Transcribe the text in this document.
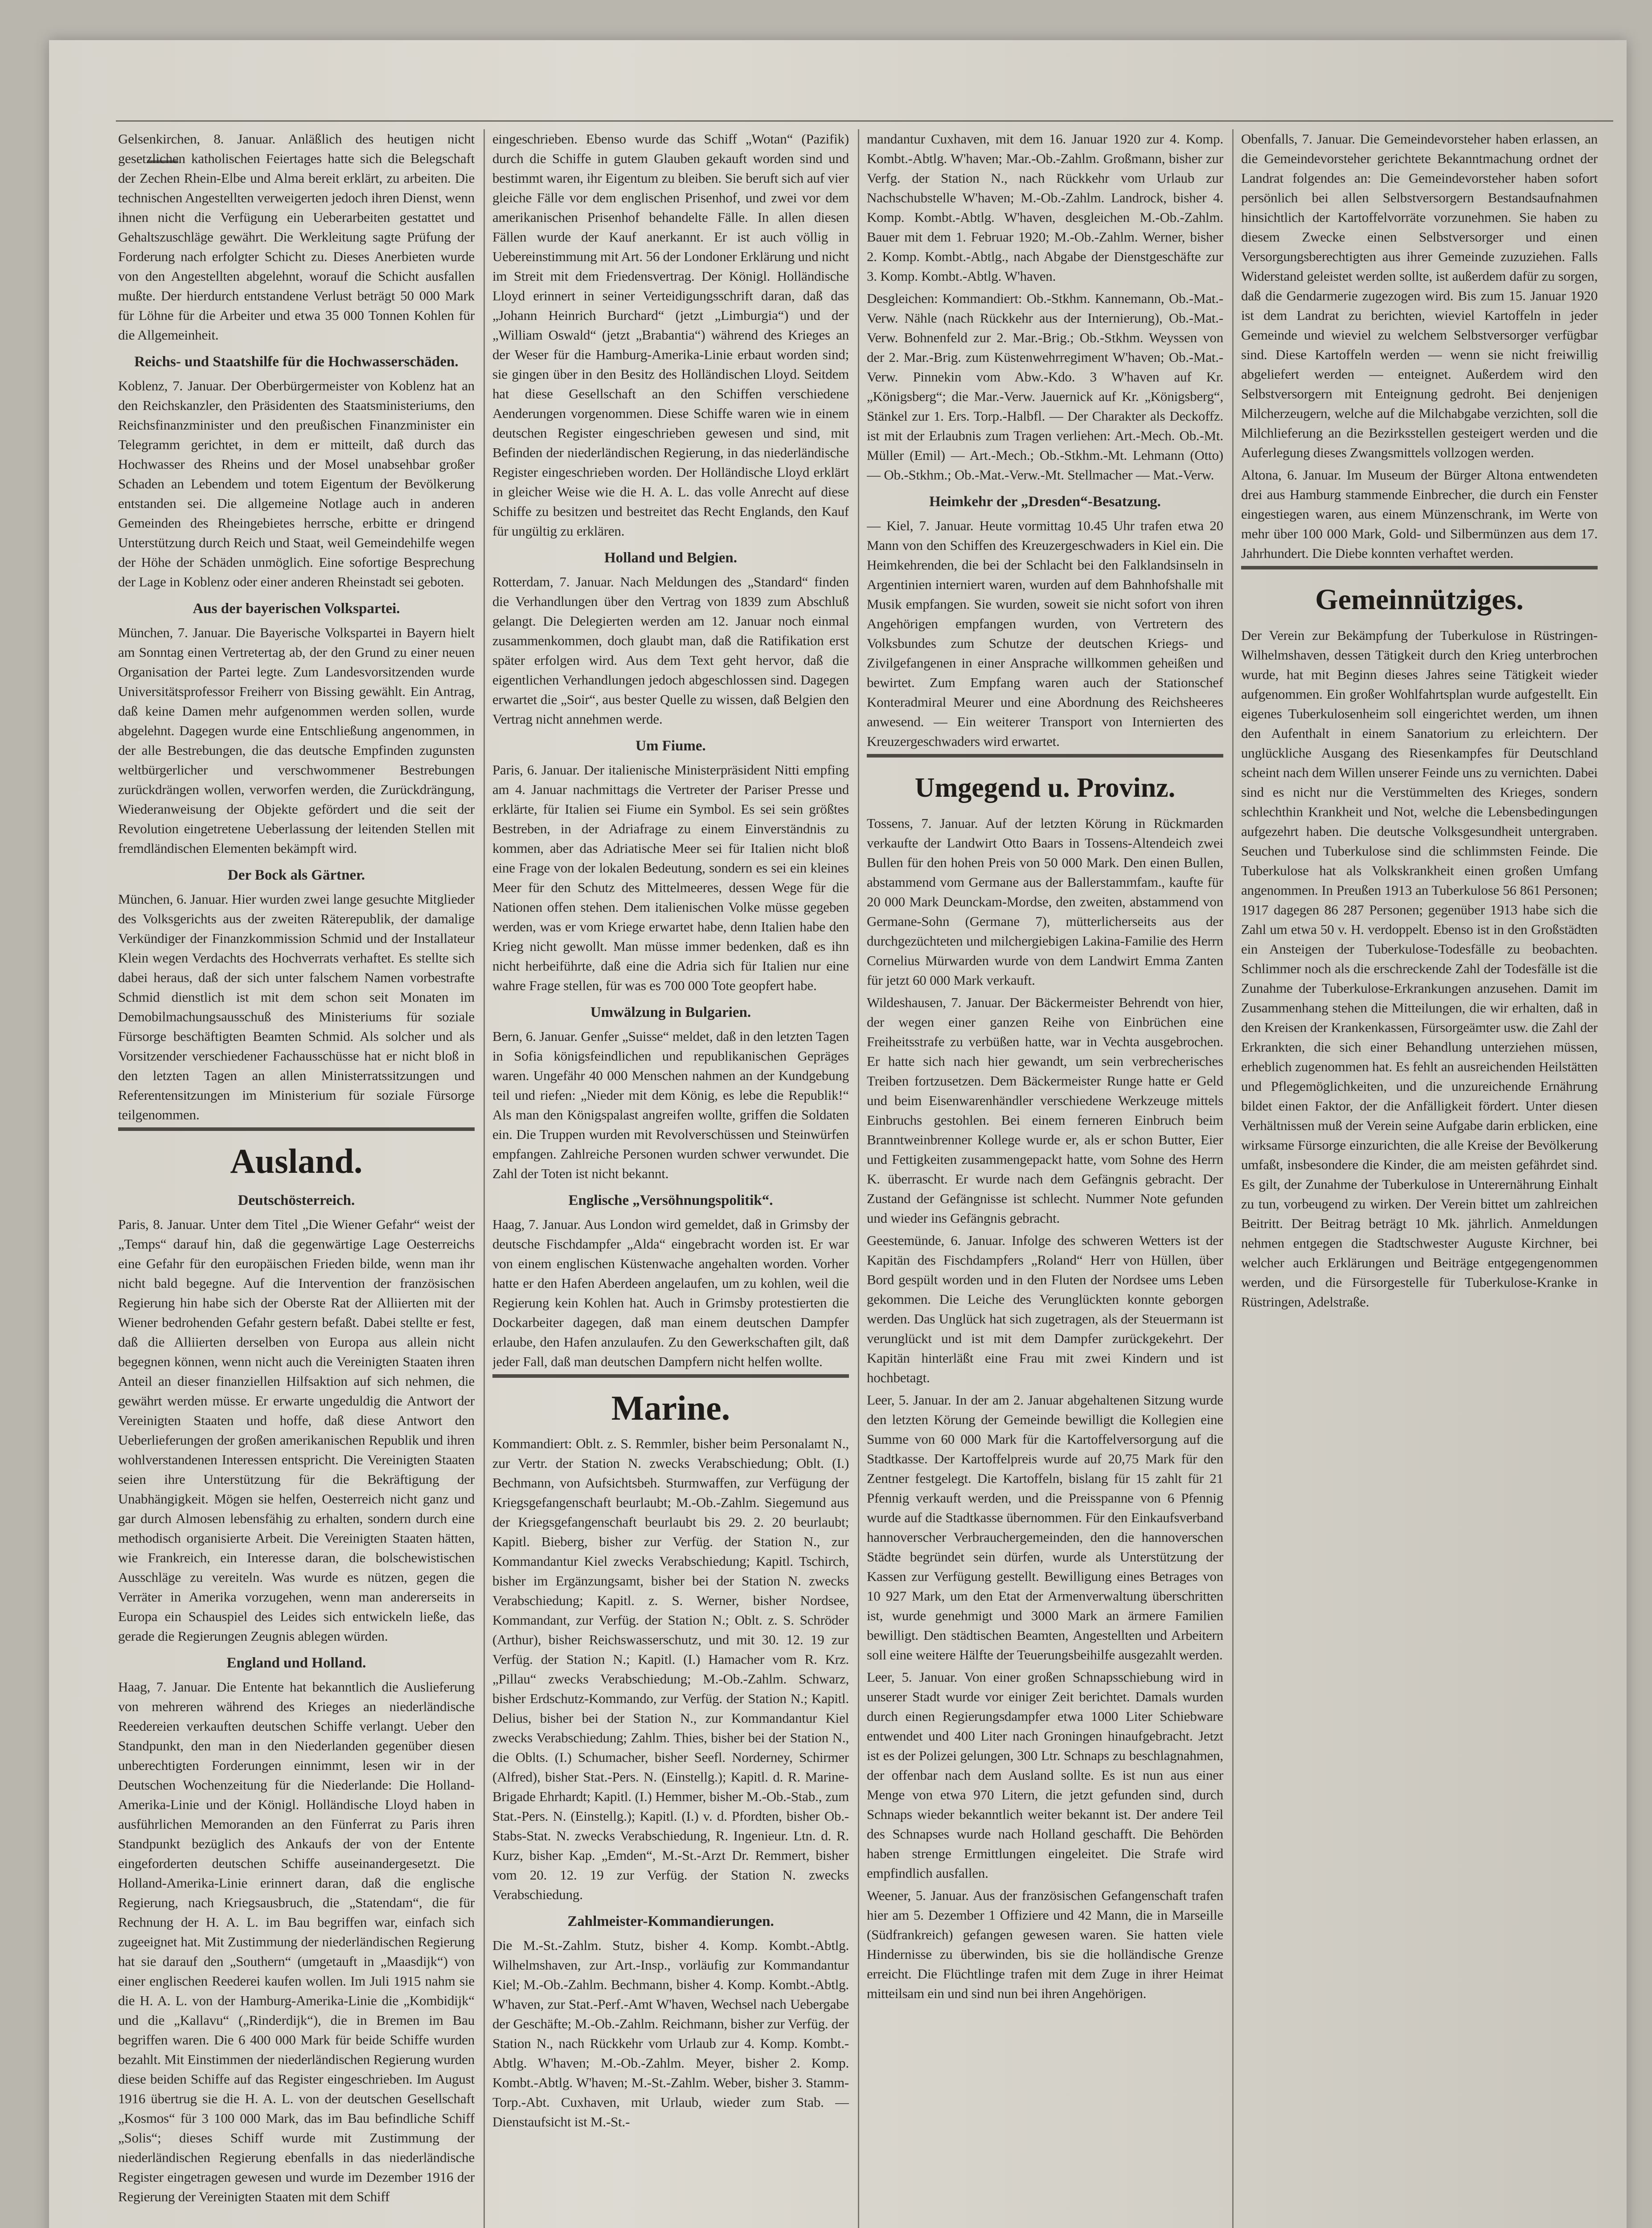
Gelsenkirchen, 8. Januar. Anläßlich des heutigen nicht gesetzlichen katholischen Feiertages hatte sich die Belegschaft der Zechen Rhein-Elbe und Alma bereit erklärt, zu arbeiten. Die technischen Angestellten verweigerten jedoch ihren Dienst, wenn ihnen nicht die Verfügung ein Ueberarbeiten gestattet und Gehaltszuschläge gewährt. Die Werkleitung sagte Prüfung der Forderung nach erfolgter Schicht zu. Dieses Anerbieten wurde von den Angestellten abgelehnt, worauf die Schicht ausfallen mußte. Der hierdurch entstandene Verlust beträgt 50 000 Mark für Löhne für die Arbeiter und etwa 35 000 Tonnen Kohlen für die Allgemeinheit.

Reichs- und Staatshilfe für die Hochwasserschäden.

Koblenz, 7. Januar. Der Oberbürgermeister von Koblenz hat an den Reichskanzler, den Präsidenten des Staatsministeriums, den Reichsfinanzminister und den preußischen Finanzminister ein Telegramm gerichtet, in dem er mitteilt, daß durch das Hochwasser des Rheins und der Mosel unabsehbar großer Schaden an Lebendem und totem Eigentum der Bevölkerung entstanden sei. Die allgemeine Notlage auch in anderen Gemeinden des Rheingebietes herrsche, erbitte er dringend Unterstützung durch Reich und Staat, weil Gemeindehilfe wegen der Höhe der Schäden unmöglich. Eine sofortige Besprechung der Lage in Koblenz oder einer anderen Rheinstadt sei geboten.

Aus der bayerischen Volkspartei.

München, 7. Januar. Die Bayerische Volkspartei in Bayern hielt am Sonntag einen Vertretertag ab, der den Grund zu einer neuen Organisation der Partei legte. Zum Landesvorsitzenden wurde Universitätsprofessor Freiherr von Bissing gewählt. Ein Antrag, daß keine Damen mehr aufgenommen werden sollen, wurde abgelehnt. Dagegen wurde eine Entschließung angenommen, in der alle Bestrebungen, die das deutsche Empfinden zugunsten weltbürgerlicher und verschwommener Bestrebungen zurückdrängen wollen, verworfen werden, die Zurückdrängung, Wiederanweisung der Objekte gefördert und die seit der Revolution eingetretene Ueberlassung der leitenden Stellen mit fremdländischen Elementen bekämpft wird.

Der Bock als Gärtner.

München, 6. Januar. Hier wurden zwei lange gesuchte Mitglieder des Volksgerichts aus der zweiten Räterepublik, der damalige Verkündiger der Finanzkommission Schmid und der Installateur Klein wegen Verdachts des Hochverrats verhaftet. Es stellte sich dabei heraus, daß der sich unter falschem Namen vorbestrafte Schmid dienstlich ist mit dem schon seit Monaten im Demobilmachungsausschuß des Ministeriums für soziale Fürsorge beschäftigten Beamten Schmid. Als solcher und als Vorsitzender verschiedener Fachausschüsse hat er nicht bloß in den letzten Tagen an allen Ministerratssitzungen und Referentensitzungen im Ministerium für soziale Fürsorge teilgenommen.

Ausland.
Deutschösterreich.

Paris, 8. Januar. Unter dem Titel „Die Wiener Gefahr“ weist der „Temps“ darauf hin, daß die gegenwärtige Lage Oesterreichs eine Gefahr für den europäischen Frieden bilde, wenn man ihr nicht bald begegne. Auf die Intervention der französischen Regierung hin habe sich der Oberste Rat der Alliierten mit der Wiener bedrohenden Gefahr gestern befaßt. Dabei stellte er fest, daß die Alliierten derselben von Europa aus allein nicht begegnen können, wenn nicht auch die Vereinigten Staaten ihren Anteil an dieser finanziellen Hilfsaktion auf sich nehmen, die gewährt werden müsse. Er erwarte ungeduldig die Antwort der Vereinigten Staaten und hoffe, daß diese Antwort den Ueberlieferungen der großen amerikanischen Republik und ihren wohlverstandenen Interessen entspricht. Die Vereinigten Staaten seien ihre Unterstützung für die Bekräftigung der Unabhängigkeit. Mögen sie helfen, Oesterreich nicht ganz und gar durch Almosen lebensfähig zu erhalten, sondern durch eine methodisch organisierte Arbeit. Die Vereinigten Staaten hätten, wie Frankreich, ein Interesse daran, die bolschewistischen Ausschläge zu vereiteln. Was wurde es nützen, gegen die Verräter in Amerika vorzugehen, wenn man andererseits in Europa ein Schauspiel des Leides sich entwickeln ließe, das gerade die Regierungen Zeugnis ablegen würden.

England und Holland.

Haag, 7. Januar. Die Entente hat bekanntlich die Auslieferung von mehreren während des Krieges an niederländische Reedereien verkauften deutschen Schiffe verlangt. Ueber den Standpunkt, den man in den Niederlanden gegenüber diesen unberechtigten Forderungen einnimmt, lesen wir in der Deutschen Wochenzeitung für die Niederlande: Die Holland-Amerika-Linie und der Königl. Holländische Lloyd haben in ausführlichen Memoranden an den Fünferrat zu Paris ihren Standpunkt bezüglich des Ankaufs der von der Entente eingeforderten deutschen Schiffe auseinandergesetzt. Die Holland-Amerika-Linie erinnert daran, daß die englische Regierung, nach Kriegsausbruch, die „Statendam“, die für Rechnung der H. A. L. im Bau begriffen war, einfach sich zugeeignet hat. Mit Zustimmung der niederländischen Regierung hat sie darauf den „Southern“ (umgetauft in „Maasdijk“) von einer englischen Reederei kaufen wollen. Im Juli 1915 nahm sie die H. A. L. von der Hamburg-Amerika-Linie die „Kombidijk“ und die „Kallavu“ („Rinderdijk“), die in Bremen im Bau begriffen waren. Die 6 400 000 Mark für beide Schiffe wurden bezahlt. Mit Einstimmen der niederländischen Regierung wurden diese beiden Schiffe auf das Register eingeschrieben. Im August 1916 übertrug sie die H. A. L. von der deutschen Gesellschaft „Kosmos“ für 3 100 000 Mark, das im Bau befindliche Schiff „Solis“; dieses Schiff wurde mit Zustimmung der niederländischen Regierung ebenfalls in das niederländische Register eingetragen gewesen und wurde im Dezember 1916 der Regierung der Vereinigten Staaten mit dem Schiff

eingeschrieben. Ebenso wurde das Schiff „Wotan“ (Pazifik) durch die Schiffe in gutem Glauben gekauft worden sind und bestimmt waren, ihr Eigentum zu bleiben. Sie beruft sich auf vier gleiche Fälle vor dem englischen Prisenhof, und zwei vor dem amerikanischen Prisenhof behandelte Fälle. In allen diesen Fällen wurde der Kauf anerkannt. Er ist auch völlig in Uebereinstimmung mit Art. 56 der Londoner Erklärung und nicht im Streit mit dem Friedensvertrag. Der Königl. Holländische Lloyd erinnert in seiner Verteidigungsschrift daran, daß das „Johann Heinrich Burchard“ (jetzt „Limburgia“) und der „William Oswald“ (jetzt „Brabantia“) während des Krieges an der Weser für die Hamburg-Amerika-Linie erbaut worden sind; sie gingen über in den Besitz des Holländischen Lloyd. Seitdem hat diese Gesellschaft an den Schiffen verschiedene Aenderungen vorgenommen. Diese Schiffe waren wie in einem deutschen Register eingeschrieben gewesen und sind, mit Befinden der niederländischen Regierung, in das niederländische Register eingeschrieben worden. Der Holländische Lloyd erklärt in gleicher Weise wie die H. A. L. das volle Anrecht auf diese Schiffe zu besitzen und bestreitet das Recht Englands, den Kauf für ungültig zu erklären.

Holland und Belgien.

Rotterdam, 7. Januar. Nach Meldungen des „Standard“ finden die Verhandlungen über den Vertrag von 1839 zum Abschluß gelangt. Die Delegierten werden am 12. Januar noch einmal zusammenkommen, doch glaubt man, daß die Ratifikation erst später erfolgen wird. Aus dem Text geht hervor, daß die eigentlichen Verhandlungen jedoch abgeschlossen sind. Dagegen erwartet die „Soir“, aus bester Quelle zu wissen, daß Belgien den Vertrag nicht annehmen werde.

Um Fiume.

Paris, 6. Januar. Der italienische Ministerpräsident Nitti empfing am 4. Januar nachmittags die Vertreter der Pariser Presse und erklärte, für Italien sei Fiume ein Symbol. Es sei sein größtes Bestreben, in der Adriafrage zu einem Einverständnis zu kommen, aber das Adriatische Meer sei für Italien nicht bloß eine Frage von der lokalen Bedeutung, sondern es sei ein kleines Meer für den Schutz des Mittelmeeres, dessen Wege für die Nationen offen stehen. Dem italienischen Volke müsse gegeben werden, was er vom Kriege erwartet habe, denn Italien habe den Krieg nicht gewollt. Man müsse immer bedenken, daß es ihn nicht herbeiführte, daß eine die Adria sich für Italien nur eine wahre Frage stellen, für was es 700 000 Tote geopfert habe.

Umwälzung in Bulgarien.

Bern, 6. Januar. Genfer „Suisse“ meldet, daß in den letzten Tagen in Sofia königsfeindlichen und republikanischen Gepräges waren. Ungefähr 40 000 Menschen nahmen an der Kundgebung teil und riefen: „Nieder mit dem König, es lebe die Republik!“ Als man den Königspalast angreifen wollte, griffen die Soldaten ein. Die Truppen wurden mit Revolverschüssen und Steinwürfen empfangen. Zahlreiche Personen wurden schwer verwundet. Die Zahl der Toten ist nicht bekannt.

Englische „Versöhnungspolitik“.

Haag, 7. Januar. Aus London wird gemeldet, daß in Grimsby der deutsche Fischdampfer „Alda“ eingebracht worden ist. Er war von einem englischen Küstenwache angehalten worden. Vorher hatte er den Hafen Aberdeen angelaufen, um zu kohlen, weil die Regierung kein Kohlen hat. Auch in Grimsby protestierten die Dockarbeiter dagegen, daß man einem deutschen Dampfer erlaube, den Hafen anzulaufen. Zu den Gewerkschaften gilt, daß jeder Fall, daß man deutschen Dampfern nicht helfen wollte.

Marine.

Kommandiert: Oblt. z. S. Remmler, bisher beim Personalamt N., zur Vertr. der Station N. zwecks Verabschiedung; Oblt. (I.) Bechmann, von Aufsichtsbeh. Sturmwaffen, zur Verfügung der Kriegsgefangenschaft beurlaubt; M.-Ob.-Zahlm. Siegemund aus der Kriegsgefangenschaft beurlaubt bis 29. 2. 20 beurlaubt; Kapitl. Bieberg, bisher zur Verfüg. der Station N., zur Kommandantur Kiel zwecks Verabschiedung; Kapitl. Tschirch, bisher im Ergänzungsamt, bisher bei der Station N. zwecks Verabschiedung; Kapitl. z. S. Werner, bisher Nordsee, Kommandant, zur Verfüg. der Station N.; Oblt. z. S. Schröder (Arthur), bisher Reichswasserschutz, und mit 30. 12. 19 zur Verfüg. der Station N.; Kapitl. (I.) Hamacher vom R. Krz. „Pillau“ zwecks Verabschiedung; M.-Ob.-Zahlm. Schwarz, bisher Erdschutz-Kommando, zur Verfüg. der Station N.; Kapitl. Delius, bisher bei der Station N., zur Kommandantur Kiel zwecks Verabschiedung; Zahlm. Thies, bisher bei der Station N., die Oblts. (I.) Schumacher, bisher Seefl. Norderney, Schirmer (Alfred), bisher Stat.-Pers. N. (Einstellg.); Kapitl. d. R. Marine-Brigade Ehrhardt; Kapitl. (I.) Hemmer, bisher M.-Ob.-Stab., zum Stat.-Pers. N. (Einstellg.); Kapitl. (I.) v. d. Pfordten, bisher Ob.-Stabs-Stat. N. zwecks Verabschiedung, R. Ingenieur. Ltn. d. R. Kurz, bisher Kap. „Emden“, M.-St.-Arzt Dr. Remmert, bisher vom 20. 12. 19 zur Verfüg. der Station N. zwecks Verabschiedung.

Zahlmeister-Kommandierungen.

Die M.-St.-Zahlm. Stutz, bisher 4. Komp. Kombt.-Abtlg. Wilhelmshaven, zur Art.-Insp., vorläufig zur Kommandantur Kiel; M.-Ob.-Zahlm. Bechmann, bisher 4. Komp. Kombt.-Abtlg. W'haven, zur Stat.-Perf.-Amt W'haven, Wechsel nach Uebergabe der Geschäfte; M.-Ob.-Zahlm. Reichmann, bisher zur Verfüg. der Station N., nach Rückkehr vom Urlaub zur 4. Komp. Kombt.-Abtlg. W'haven; M.-Ob.-Zahlm. Meyer, bisher 2. Komp. Kombt.-Abtlg. W'haven; M.-St.-Zahlm. Weber, bisher 3. Stamm-Torp.-Abt. Cuxhaven, mit Urlaub, wieder zum Stab. — Dienstaufsicht ist M.-St.-

mandantur Cuxhaven, mit dem 16. Januar 1920 zur 4. Komp. Kombt.-Abtlg. W'haven; Mar.-Ob.-Zahlm. Großmann, bisher zur Verfg. der Station N., nach Rückkehr vom Urlaub zur Nachschubstelle W'haven; M.-Ob.-Zahlm. Landrock, bisher 4. Komp. Kombt.-Abtlg. W'haven, desgleichen M.-Ob.-Zahlm. Bauer mit dem 1. Februar 1920; M.-Ob.-Zahlm. Werner, bisher 2. Komp. Kombt.-Abtlg., nach Abgabe der Dienstgeschäfte zur 3. Komp. Kombt.-Abtlg. W'haven.

Desgleichen: Kommandiert: Ob.-Stkhm. Kannemann, Ob.-Mat.-Verw. Nähle (nach Rückkehr aus der Internierung), Ob.-Mat.-Verw. Bohnenfeld zur 2. Mar.-Brig.; Ob.-Stkhm. Weyssen von der 2. Mar.-Brig. zum Küstenwehrregiment W'haven; Ob.-Mat.-Verw. Pinnekin vom Abw.-Kdo. 3 W'haven auf Kr. „Königsberg“; die Mar.-Verw. Jauernick auf Kr. „Königsberg“, Stänkel zur 1. Ers. Torp.-Halbfl. — Der Charakter als Deckoffz. ist mit der Erlaubnis zum Tragen verliehen: Art.-Mech. Ob.-Mt. Müller (Emil) — Art.-Mech.; Ob.-Stkhm.-Mt. Lehmann (Otto) — Ob.-Stkhm.; Ob.-Mat.-Verw.-Mt. Stellmacher — Mat.-Verw.

Heimkehr der „Dresden“-Besatzung.

— Kiel, 7. Januar. Heute vormittag 10.45 Uhr trafen etwa 20 Mann von den Schiffen des Kreuzergeschwaders in Kiel ein. Die Heimkehrenden, die bei der Schlacht bei den Falklandsinseln in Argentinien interniert waren, wurden auf dem Bahnhofshalle mit Musik empfangen. Sie wurden, soweit sie nicht sofort von ihren Angehörigen empfangen wurden, von Vertretern des Volksbundes zum Schutze der deutschen Kriegs- und Zivilgefangenen in einer Ansprache willkommen geheißen und bewirtet. Zum Empfang waren auch der Stationschef Konteradmiral Meurer und eine Abordnung des Reichsheeres anwesend. — Ein weiterer Transport von Internierten des Kreuzergeschwaders wird erwartet.

Umgegend u. Provinz.

Tossens, 7. Januar. Auf der letzten Körung in Rückmarden verkaufte der Landwirt Otto Baars in Tossens-Altendeich zwei Bullen für den hohen Preis von 50 000 Mark. Den einen Bullen, abstammend vom Germane aus der Ballerstammfam., kaufte für 20 000 Mark Deunckam-Mordse, den zweiten, abstammend von Germane-Sohn (Germane 7), mütterlicherseits aus der durchgezüchteten und milchergiebigen Lakina-Familie des Herrn Cornelius Mürwarden wurde von dem Landwirt Emma Zanten für jetzt 60 000 Mark verkauft.

Wildeshausen, 7. Januar. Der Bäckermeister Behrendt von hier, der wegen einer ganzen Reihe von Einbrüchen eine Freiheitsstrafe zu verbüßen hatte, war in Vechta ausgebrochen. Er hatte sich nach hier gewandt, um sein verbrecherisches Treiben fortzusetzen. Dem Bäckermeister Runge hatte er Geld und beim Eisenwarenhändler verschiedene Werkzeuge mittels Einbruchs gestohlen. Bei einem ferneren Einbruch beim Branntweinbrenner Kollege wurde er, als er schon Butter, Eier und Fettigkeiten zusammengepackt hatte, vom Sohne des Herrn K. überrascht. Er wurde nach dem Gefängnis gebracht. Der Zustand der Gefängnisse ist schlecht. Nummer Note gefunden und wieder ins Gefängnis gebracht.

Geestemünde, 6. Januar. Infolge des schweren Wetters ist der Kapitän des Fischdampfers „Roland“ Herr von Hüllen, über Bord gespült worden und in den Fluten der Nordsee ums Leben gekommen. Die Leiche des Verunglückten konnte geborgen werden. Das Unglück hat sich zugetragen, als der Steuermann ist verunglückt und ist mit dem Dampfer zurückgekehrt. Der Kapitän hinterläßt eine Frau mit zwei Kindern und ist hochbetagt.

Leer, 5. Januar. In der am 2. Januar abgehaltenen Sitzung wurde den letzten Körung der Gemeinde bewilligt die Kollegien eine Summe von 60 000 Mark für die Kartoffelversorgung auf die Stadtkasse. Der Kartoffelpreis wurde auf 20,75 Mark für den Zentner festgelegt. Die Kartoffeln, bislang für 15 zahlt für 21 Pfennig verkauft werden, und die Preisspanne von 6 Pfennig wurde auf die Stadtkasse übernommen. Für den Einkaufsverband hannoverscher Verbrauchergemeinden, den die hannoverschen Städte begründet sein dürfen, wurde als Unterstützung der Kassen zur Verfügung gestellt. Bewilligung eines Betrages von 10 927 Mark, um den Etat der Armenverwaltung überschritten ist, wurde genehmigt und 3000 Mark an ärmere Familien bewilligt. Den städtischen Beamten, Angestellten und Arbeitern soll eine weitere Hälfte der Teuerungsbeihilfe ausgezahlt werden.

Leer, 5. Januar. Von einer großen Schnapsschiebung wird in unserer Stadt wurde vor einiger Zeit berichtet. Damals wurden durch einen Regierungsdampfer etwa 1000 Liter Schiebware entwendet und 400 Liter nach Groningen hinaufgebracht. Jetzt ist es der Polizei gelungen, 300 Ltr. Schnaps zu beschlagnahmen, der offenbar nach dem Ausland sollte. Es ist nun aus einer Menge von etwa 970 Litern, die jetzt gefunden sind, durch Schnaps wieder bekanntlich weiter bekannt ist. Der andere Teil des Schnapses wurde nach Holland geschafft. Die Behörden haben strenge Ermittlungen eingeleitet. Die Strafe wird empfindlich ausfallen.

Weener, 5. Januar. Aus der französischen Gefangenschaft trafen hier am 5. Dezember 1 Offiziere und 42 Mann, die in Marseille (Südfrankreich) gefangen gewesen waren. Sie hatten viele Hindernisse zu überwinden, bis sie die holländische Grenze erreicht. Die Flüchtlinge trafen mit dem Zuge in ihrer Heimat mitteilsam ein und sind nun bei ihren Angehörigen.

Obenfalls, 7. Januar. Die Gemeindevorsteher haben erlassen, an die Gemeindevorsteher gerichtete Bekanntmachung ordnet der Landrat folgendes an: Die Gemeindevorsteher haben sofort persönlich bei allen Selbstversorgern Bestandsaufnahmen hinsichtlich der Kartoffelvorräte vorzunehmen. Sie haben zu diesem Zwecke einen Selbstversorger und einen Versorgungsberechtigten aus ihrer Gemeinde zuzuziehen. Falls Widerstand geleistet werden sollte, ist außerdem dafür zu sorgen, daß die Gendarmerie zugezogen wird. Bis zum 15. Januar 1920 ist dem Landrat zu berichten, wieviel Kartoffeln in jeder Gemeinde und wieviel zu welchem Selbstversorger verfügbar sind. Diese Kartoffeln werden — wenn sie nicht freiwillig abgeliefert werden — enteignet. Außerdem wird den Selbstversorgern mit Enteignung gedroht. Bei denjenigen Milcherzeugern, welche auf die Milchabgabe verzichten, soll die Milchlieferung an die Bezirksstellen gesteigert werden und die Auferlegung dieses Zwangsmittels vollzogen werden.

Altona, 6. Januar. Im Museum der Bürger Altona entwendeten drei aus Hamburg stammende Einbrecher, die durch ein Fenster eingestiegen waren, aus einem Münzenschrank, im Werte von mehr über 100 000 Mark, Gold- und Silbermünzen aus dem 17. Jahrhundert. Die Diebe konnten verhaftet werden.

Gemeinnütziges.

Der Verein zur Bekämpfung der Tuberkulose in Rüstringen-Wilhelmshaven, dessen Tätigkeit durch den Krieg unterbrochen wurde, hat mit Beginn dieses Jahres seine Tätigkeit wieder aufgenommen. Ein großer Wohlfahrtsplan wurde aufgestellt. Ein eigenes Tuberkulosenheim soll eingerichtet werden, um ihnen den Aufenthalt in einem Sanatorium zu erleichtern. Der unglückliche Ausgang des Riesenkampfes für Deutschland scheint nach dem Willen unserer Feinde uns zu vernichten. Dabei sind es nicht nur die Verstümmelten des Krieges, sondern schlechthin Krankheit und Not, welche die Lebensbedingungen aufgezehrt haben. Die deutsche Volksgesundheit untergraben. Seuchen und Tuberkulose sind die schlimmsten Feinde. Die Tuberkulose hat als Volkskrankheit einen großen Umfang angenommen. In Preußen 1913 an Tuberkulose 56 861 Personen; 1917 dagegen 86 287 Personen; gegenüber 1913 habe sich die Zahl um etwa 50 v. H. verdoppelt. Ebenso ist in den Großstädten ein Ansteigen der Tuberkulose-Todesfälle zu beobachten. Schlimmer noch als die erschreckende Zahl der Todesfälle ist die Zunahme der Tuberkulose-Erkrankungen anzusehen. Damit im Zusammenhang stehen die Mitteilungen, die wir erhalten, daß in den Kreisen der Krankenkassen, Fürsorgeämter usw. die Zahl der Erkrankten, die sich einer Behandlung unterziehen müssen, erheblich zugenommen hat. Es fehlt an ausreichenden Heilstätten und Pflegemöglichkeiten, und die unzureichende Ernährung bildet einen Faktor, der die Anfälligkeit fördert. Unter diesen Verhältnissen muß der Verein seine Aufgabe darin erblicken, eine wirksame Fürsorge einzurichten, die alle Kreise der Bevölkerung umfaßt, insbesondere die Kinder, die am meisten gefährdet sind. Es gilt, der Zunahme der Tuberkulose in Unterernährung Einhalt zu tun, vorbeugend zu wirken. Der Verein bittet um zahlreichen Beitritt. Der Beitrag beträgt 10 Mk. jährlich. Anmeldungen nehmen entgegen die Stadtschwester Auguste Kirchner, bei welcher auch Erklärungen und Beiträge entgegengenommen werden, und die Fürsorgestelle für Tuberkulose-Kranke in Rüstringen, Adelstraße.
